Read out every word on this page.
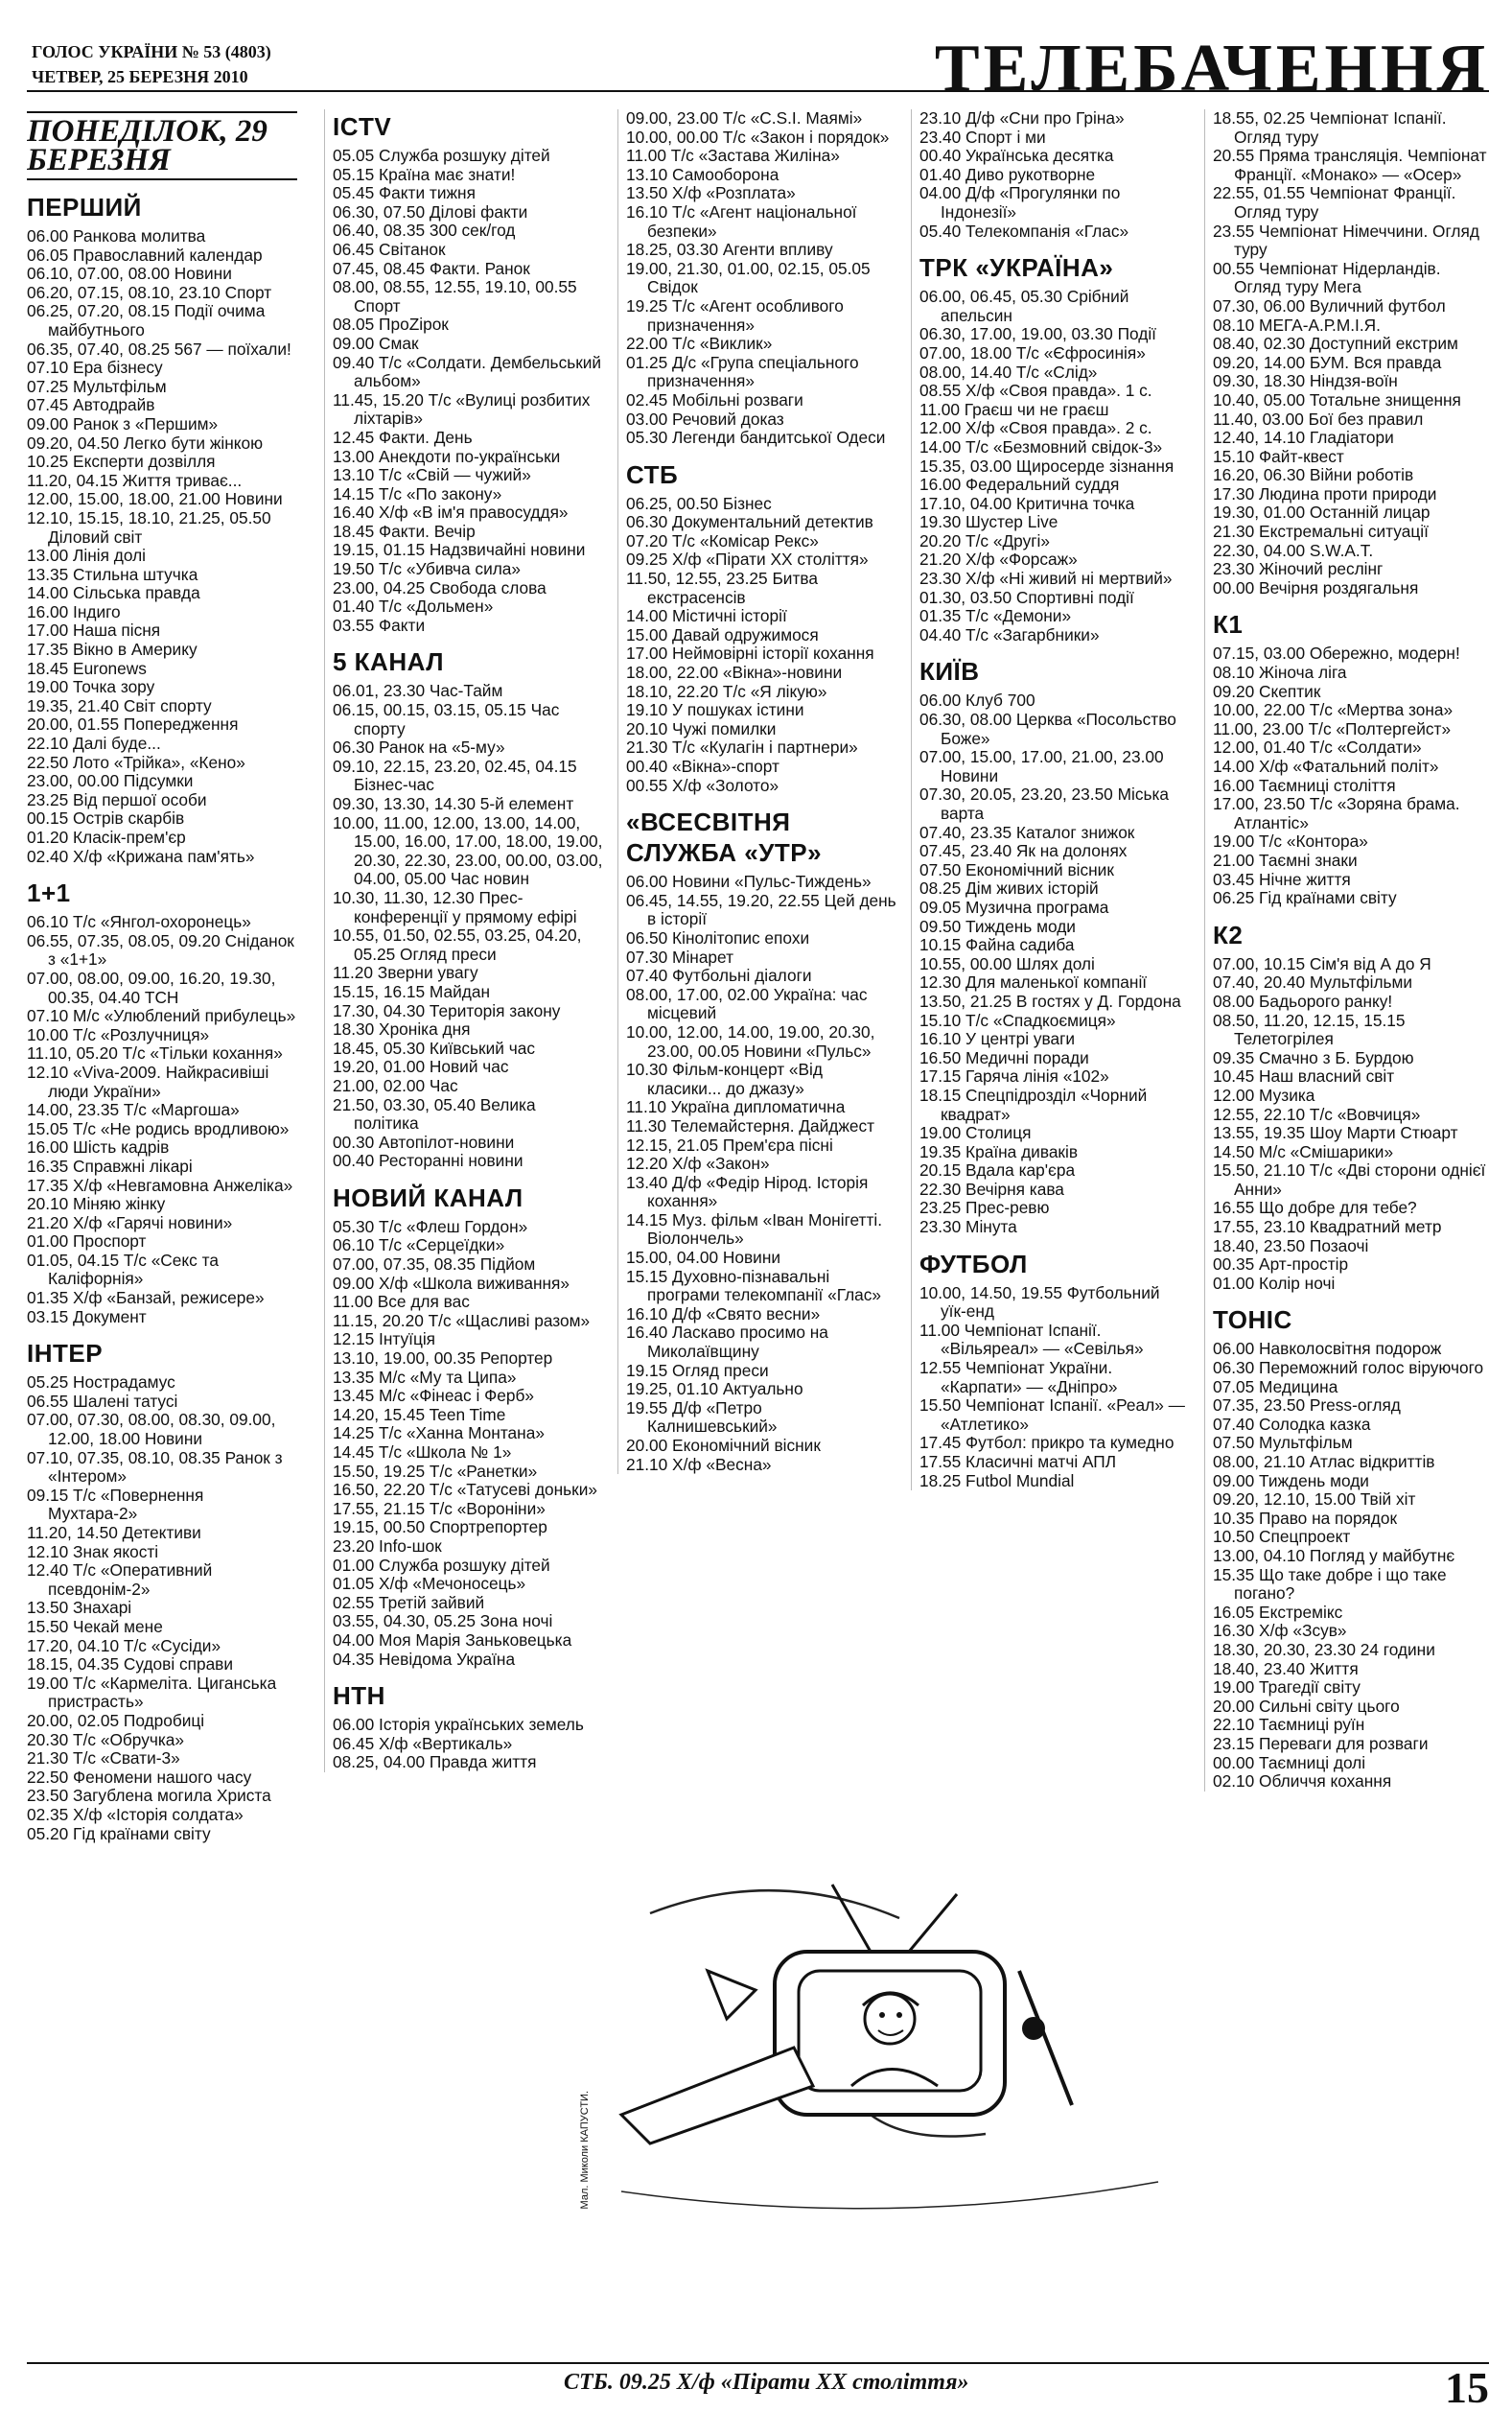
ГОЛОС УКРАЇНИ № 53 (4803)
ЧЕТВЕР, 25 БЕРЕЗНЯ 2010	ТЕЛЕБАЧЕННЯ
ПОНЕДІЛОК, 29 БЕРЕЗНЯ
ПЕРШИЙ

06.00 Ранкова молитва

06.05 Православний календар

06.10, 07.00, 08.00 Новини

06.20, 07.15, 08.10, 23.10 Спорт

06.25, 07.20, 08.15 Події очима майбутнього

06.35, 07.40, 08.25 567 — поїхали!

07.10 Ера бізнесу

07.25 Мультфільм

07.45 Автодрайв

09.00 Ранок з «Першим»

09.20, 04.50 Легко бути жінкою

10.25 Експерти дозвілля

11.20, 04.15 Життя триває...

12.00, 15.00, 18.00, 21.00 Новини

12.10, 15.15, 18.10, 21.25, 05.50 Діловий світ

13.00 Лінія долі

13.35 Стильна штучка

14.00 Сільська правда

16.00 Індиго

17.00 Наша пісня

17.35 Вікно в Америку

18.45 Euronews

19.00 Точка зору

19.35, 21.40 Світ спорту

20.00, 01.55 Попередження

22.10 Далі буде...

22.50 Лото «Трійка», «Кено»

23.00, 00.00 Підсумки

23.25 Від першої особи

00.15 Острів скарбів

01.20 Класік-прем'єр

02.40 Х/ф «Крижана пам'ять»

1+1

06.10 Т/с «Янгол-охоронець»

06.55, 07.35, 08.05, 09.20 Сніданок з «1+1»

07.00, 08.00, 09.00, 16.20, 19.30, 00.35, 04.40 ТСН

07.10 М/с «Улюблений прибулець»

10.00 Т/с «Розлучниця»

11.10, 05.20 Т/с «Тільки кохання»

12.10 «Viva-2009. Найкрасивіші люди України»

14.00, 23.35 Т/с «Маргоша»

15.05 Т/с «Не родись вродливою»

16.00 Шість кадрів

16.35 Справжні лікарі

17.35 Х/ф «Невгамовна Анжеліка»

20.10 Міняю жінку

21.20 Х/ф «Гарячі новини»

01.00 Проспорт

01.05, 04.15 Т/с «Секс та Каліфорнія»

01.35 Х/ф «Банзай, режисере»

03.15 Документ

ІНТЕР

05.25 Нострадамус

06.55 Шалені татусі

07.00, 07.30, 08.00, 08.30, 09.00, 12.00, 18.00 Новини

07.10, 07.35, 08.10, 08.35 Ранок з «Інтером»

09.15 Т/с «Повернення Мухтара-2»

11.20, 14.50 Детективи

12.10 Знак якості

12.40 Т/с «Оперативний псевдонім-2»

13.50 Знахарі

15.50 Чекай мене

17.20, 04.10 Т/с «Сусіди»

18.15, 04.35 Судові справи

19.00 Т/с «Кармеліта. Циганська пристрасть»

20.00, 02.05 Подробиці

20.30 Т/с «Обручка»

21.30 Т/с «Свати-3»

22.50 Феномени нашого часу

23.50 Загублена могила Христа

02.35 Х/ф «Історія солдата»

05.20 Гід країнами світу

ICTV

05.05 Служба розшуку дітей

05.15 Країна має знати!

05.45 Факти тижня

06.30, 07.50 Ділові факти

06.40, 08.35 300 сек/год

06.45 Світанок

07.45, 08.45 Факти. Ранок

08.00, 08.55, 12.55, 19.10, 00.55 Спорт

08.05 ПроZірок

09.00 Смак

09.40 Т/с «Солдати. Дембельський альбом»

11.45, 15.20 Т/с «Вулиці розбитих ліхтарів»

12.45 Факти. День

13.00 Анекдоти по-українськи

13.10 Т/с «Свій — чужий»

14.15 Т/с «По закону»

16.40 Х/ф «В ім'я правосуддя»

18.45 Факти. Вечір

19.15, 01.15 Надзвичайні новини

19.50 Т/с «Убивча сила»

23.00, 04.25 Свобода слова

01.40 Т/с «Дольмен»

03.55 Факти

5 КАНАЛ

06.01, 23.30 Час-Тайм

06.15, 00.15, 03.15, 05.15 Час спорту

06.30 Ранок на «5-му»

09.10, 22.15, 23.20, 02.45, 04.15 Бізнес-час

09.30, 13.30, 14.30 5-й елемент

10.00, 11.00, 12.00, 13.00, 14.00, 15.00, 16.00, 17.00, 18.00, 19.00, 20.30, 22.30, 23.00, 00.00, 03.00, 04.00, 05.00 Час новин

10.30, 11.30, 12.30 Прес-конференції у прямому ефірі

10.55, 01.50, 02.55, 03.25, 04.20, 05.25 Огляд преси

11.20 Зверни увагу

15.15, 16.15 Майдан

17.30, 04.30 Територія закону

18.30 Хроніка дня

18.45, 05.30 Київський час

19.20, 01.00 Новий час

21.00, 02.00 Час

21.50, 03.30, 05.40 Велика політика

00.30 Автопілот-новини

00.40 Ресторанні новини

НОВИЙ КАНАЛ

05.30 Т/с «Флеш Гордон»

06.10 Т/с «Серцеїдки»

07.00, 07.35, 08.35 Підйом

09.00 Х/ф «Школа виживання»

11.00 Все для вас

11.15, 20.20 Т/с «Щасливі разом»

12.15 Інтуїція

13.10, 19.00, 00.35 Репортер

13.35 М/с «Му та Ципа»

13.45 М/с «Фінеас і Ферб»

14.20, 15.45 Teen Time

14.25 Т/с «Ханна Монтана»

14.45 Т/с «Школа № 1»

15.50, 19.25 Т/с «Ранетки»

16.50, 22.20 Т/с «Татусеві доньки»

17.55, 21.15 Т/с «Вороніни»

19.15, 00.50 Спортрепортер

23.20 Info-шок

01.00 Служба розшуку дітей

01.05 Х/ф «Мечоносець»

02.55 Третій зайвий

03.55, 04.30, 05.25 Зона ночі

04.00 Моя Марія Заньковецька

04.35 Невідома Україна

НТН

06.00 Історія українських земель

06.45 Х/ф «Вертикаль»

08.25, 04.00 Правда життя

09.00, 23.00 Т/с «C.S.I. Маямі»

10.00, 00.00 Т/с «Закон і порядок»

11.00 Т/с «Застава Жиліна»

13.10 Самооборона

13.50 Х/ф «Розплата»

16.10 Т/с «Агент національної безпеки»

18.25, 03.30 Агенти впливу

19.00, 21.30, 01.00, 02.15, 05.05 Свідок

19.25 Т/с «Агент особливого призначення»

22.00 Т/с «Виклик»

01.25 Д/с «Група спеціального призначення»

02.45 Мобільні розваги

03.00 Речовий доказ

05.30 Легенди бандитської Одеси

СТБ

06.25, 00.50 Бізнес

06.30 Документальний детектив

07.20 Т/с «Комісар Рекс»

09.25 Х/ф «Пірати XX століття»

11.50, 12.55, 23.25 Битва екстрасенсів

14.00 Містичні історії

15.00 Давай одружимося

17.00 Неймовірні історії кохання

18.00, 22.00 «Вікна»-новини

18.10, 22.20 Т/с «Я лікую»

19.10 У пошуках істини

20.10 Чужі помилки

21.30 Т/с «Кулагін і партнери»

00.40 «Вікна»-спорт

00.55 Х/ф «Золото»

«ВСЕСВІТНЯ СЛУЖБА «УТР»

06.00 Новини «Пульс-Тиждень»

06.45, 14.55, 19.20, 22.55 Цей день в історії

06.50 Кінолітопис епохи

07.30 Мінарет

07.40 Футбольні діалоги

08.00, 17.00, 02.00 Україна: час місцевий

10.00, 12.00, 14.00, 19.00, 20.30, 23.00, 00.05 Новини «Пульс»

10.30 Фільм-концерт «Від класики... до джазу»

11.10 Україна дипломатична

11.30 Телемайстерня. Дайджест

12.15, 21.05 Прем'єра пісні

12.20 Х/ф «Закон»

13.40 Д/ф «Федір Нірод. Історія кохання»

14.15 Муз. фільм «Іван Монігетті. Віолончель»

15.00, 04.00 Новини

15.15 Духовно-пізнавальні програми телекомпанії «Глас»

16.10 Д/ф «Свято весни»

16.40 Ласкаво просимо на Миколаївщину

19.15 Огляд преси

19.25, 01.10 Актуально

19.55 Д/ф «Петро Калнишевський»

20.00 Економічний вісник

21.10 Х/ф «Весна»

23.10 Д/ф «Сни про Гріна»

23.40 Спорт і ми

00.40 Українська десятка

01.40 Диво рукотворне

04.00 Д/ф «Прогулянки по Індонезії»

05.40 Телекомпанія «Глас»

ТРК «УКРАЇНА»

06.00, 06.45, 05.30 Срібний апельсин

06.30, 17.00, 19.00, 03.30 Події

07.00, 18.00 Т/с «Єфросинія»

08.00, 14.40 Т/с «Слід»

08.55 Х/ф «Своя правда». 1 с.

11.00 Граєш чи не граєш

12.00 Х/ф «Своя правда». 2 с.

14.00 Т/с «Безмовний свідок-3»

15.35, 03.00 Щиросерде зізнання

16.00 Федеральний суддя

17.10, 04.00 Критична точка

19.30 Шустер Live

20.20 Т/с «Другі»

21.20 Х/ф «Форсаж»

23.30 Х/ф «Ні живий ні мертвий»

01.30, 03.50 Спортивні події

01.35 Т/с «Демони»

04.40 Т/с «Загарбники»

КИЇВ

06.00 Клуб 700

06.30, 08.00 Церква «Посольство Боже»

07.00, 15.00, 17.00, 21.00, 23.00 Новини

07.30, 20.05, 23.20, 23.50 Міська варта

07.40, 23.35 Каталог знижок

07.45, 23.40 Як на долонях

07.50 Економічний вісник

08.25 Дім живих історій

09.05 Музична програма

09.50 Тиждень моди

10.15 Файна садиба

10.55, 00.00 Шлях долі

12.30 Для маленької компанії

13.50, 21.25 В гостях у Д. Гордона

15.10 Т/с «Спадкоємиця»

16.10 У центрі уваги

16.50 Медичні поради

17.15 Гаряча лінія «102»

18.15 Спецпідрозділ «Чорний квадрат»

19.00 Столиця

19.35 Країна диваків

20.15 Вдала кар'єра

22.30 Вечірня кава

23.25 Прес-ревю

23.30 Мінута

ФУТБОЛ

10.00, 14.50, 19.55 Футбольний уїк-енд

11.00 Чемпіонат Іспанії. «Вільяреал» — «Севілья»

12.55 Чемпіонат України. «Карпати» — «Дніпро»

15.50 Чемпіонат Іспанії. «Реал» — «Атлетико»

17.45 Футбол: прикро та кумедно

17.55 Класичні матчі АПЛ

18.25 Futbol Mundial

18.55, 02.25 Чемпіонат Іспанії. Огляд туру

20.55 Пряма трансляція. Чемпіонат Франції. «Монако» — «Осер»

22.55, 01.55 Чемпіонат Франції. Огляд туру

23.55 Чемпіонат Німеччини. Огляд туру

00.55 Чемпіонат Нідерландів. Огляд туру Мега

07.30, 06.00 Вуличний футбол

08.10 МЕГА-А.Р.М.І.Я.

08.40, 02.30 Доступний екстрим

09.20, 14.00 БУМ. Вся правда

09.30, 18.30 Ніндзя-воїн

10.40, 05.00 Тотальне знищення

11.40, 03.00 Бої без правил

12.40, 14.10 Гладіатори

15.10 Файт-квест

16.20, 06.30 Війни роботів

17.30 Людина проти природи

19.30, 01.00 Останній лицар

21.30 Екстремальні ситуації

22.30, 04.00 S.W.A.T.

23.30 Жіночий реслінг

00.00 Вечірня роздягальня

К1

07.15, 03.00 Обережно, модерн!

08.10 Жіноча ліга

09.20 Скептик

10.00, 22.00 Т/с «Мертва зона»

11.00, 23.00 Т/с «Полтергейст»

12.00, 01.40 Т/с «Солдати»

14.00 Х/ф «Фатальний політ»

16.00 Таємниці століття

17.00, 23.50 Т/с «Зоряна брама. Атлантіс»

19.00 Т/с «Контора»

21.00 Таємні знаки

03.45 Нічне життя

06.25 Гід країнами світу

К2

07.00, 10.15 Сім'я від А до Я

07.40, 20.40 Мультфільми

08.00 Бадьорого ранку!

08.50, 11.20, 12.15, 15.15 Телетогрілея

09.35 Смачно з Б. Бурдою

10.45 Наш власний світ

12.00 Музика

12.55, 22.10 Т/с «Вовчиця»

13.55, 19.35 Шоу Марти Стюарт

14.50 М/с «Смішарики»

15.50, 21.10 Т/с «Дві сторони однієї Анни»

16.55 Що добре для тебе?

17.55, 23.10 Квадратний метр

18.40, 23.50 Позаочі

00.35 Арт-простір

01.00 Колір ночі

ТОНІС

06.00 Навколосвітня подорож

06.30 Переможний голос віруючого

07.05 Медицина

07.35, 23.50 Press-огляд

07.40 Солодка казка

07.50 Мультфільм

08.00, 21.10 Атлас відкриттів

09.00 Тиждень моди

09.20, 12.10, 15.00 Твій хіт

10.35 Право на порядок

10.50 Спецпроект

13.00, 04.10 Погляд у майбутнє

15.35 Що таке добре і що таке погано?

16.05 Екстремікс

16.30 Х/ф «Зсув»

18.30, 20.30, 23.30 24 години

18.40, 23.40 Життя

19.00 Трагедії світу

20.00 Сильні світу цього

22.10 Таємниці руїн

23.15 Переваги для розваги

00.00 Таємниці долі

02.10 Обличчя кохання

Мал. Миколи КАПУСТИ.
СТБ. 09.25 Х/ф «Пірати ХХ століття»	15
